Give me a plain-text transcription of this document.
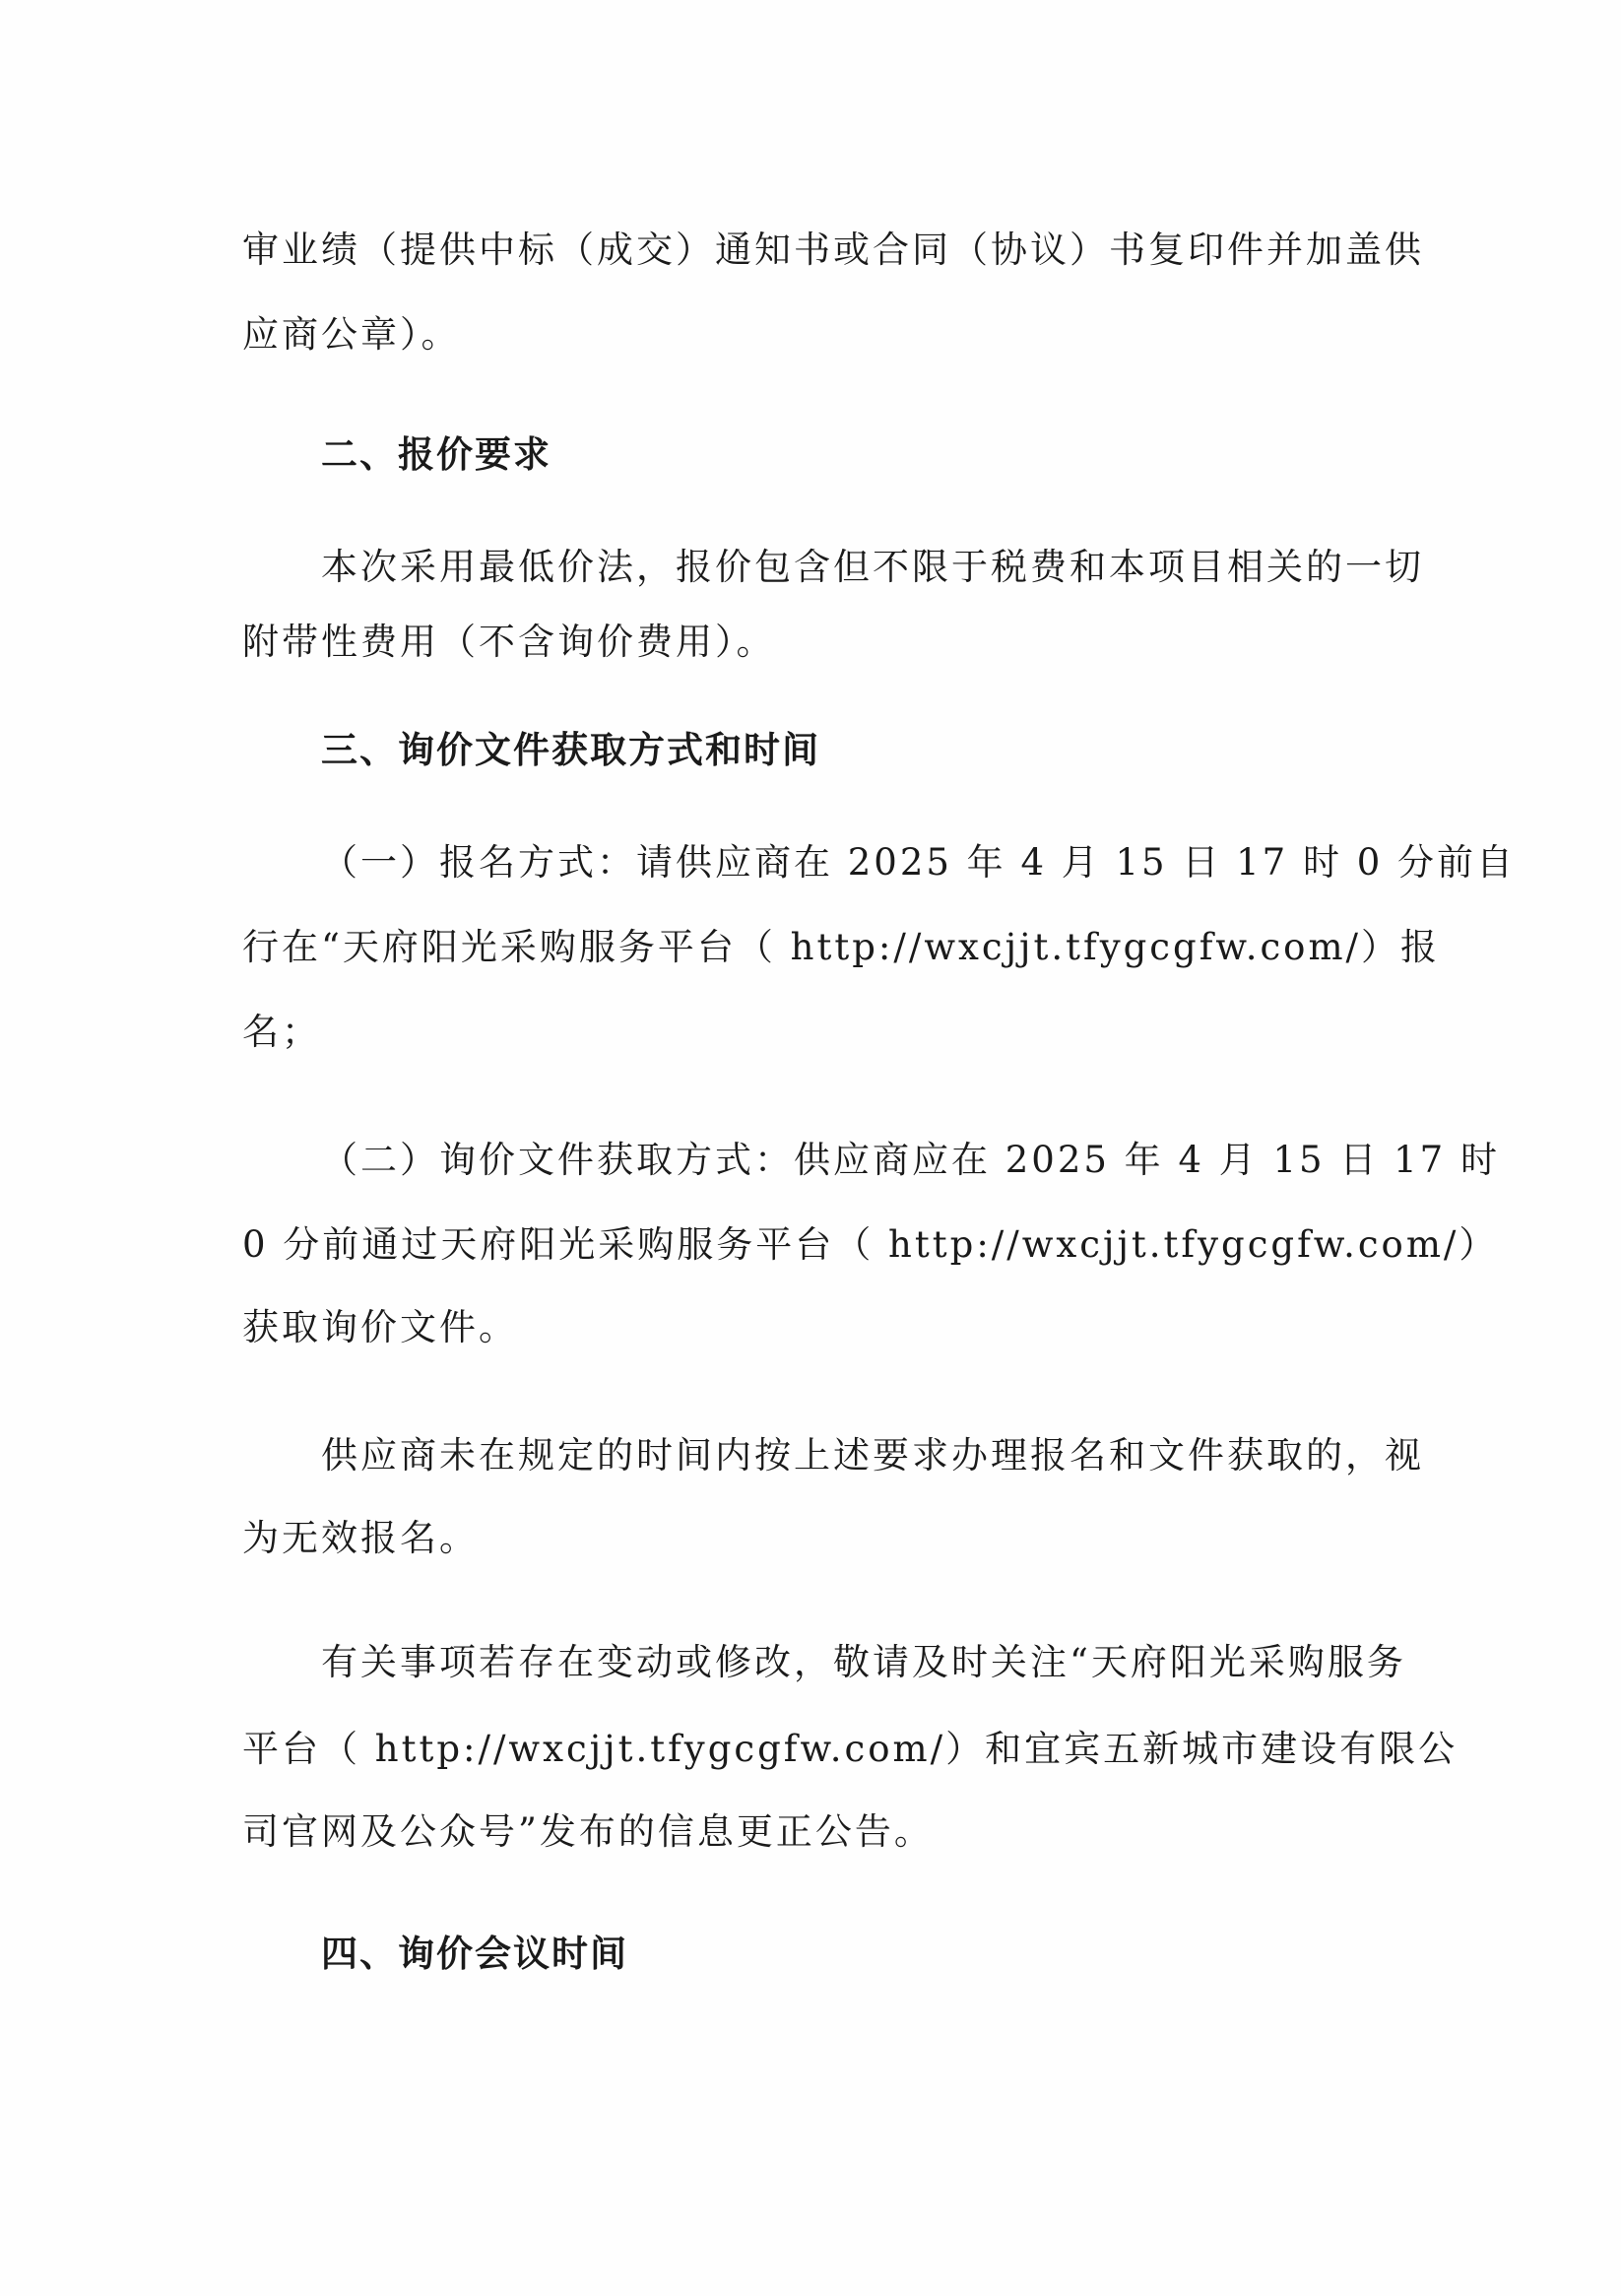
审业绩（提供中标（成交）通知书或合同（协议）书复印件并加盖供
应商公章）。
二、报价要求
本次采用最低价法，报价包含但不限于税费和本项目相关的一切
附带性费用（不含询价费用）。
三、询价文件获取方式和时间
（一）报名方式：请供应商在 2025 年 4 月 15 日 17 时 0 分前自
行在“天府阳光采购服务平台（ http://wxcjjt.tfygcgfw.com/）报
名；
（二）询价文件获取方式：供应商应在 2025 年 4 月 15 日 17 时
0 分前通过天府阳光采购服务平台（ http://wxcjjt.tfygcgfw.com/）
获取询价文件。
供应商未在规定的时间内按上述要求办理报名和文件获取的，视
为无效报名。
有关事项若存在变动或修改，敬请及时关注“天府阳光采购服务
平台（ http://wxcjjt.tfygcgfw.com/）和宜宾五新城市建设有限公
司官网及公众号”发布的信息更正公告。
四、询价会议时间
